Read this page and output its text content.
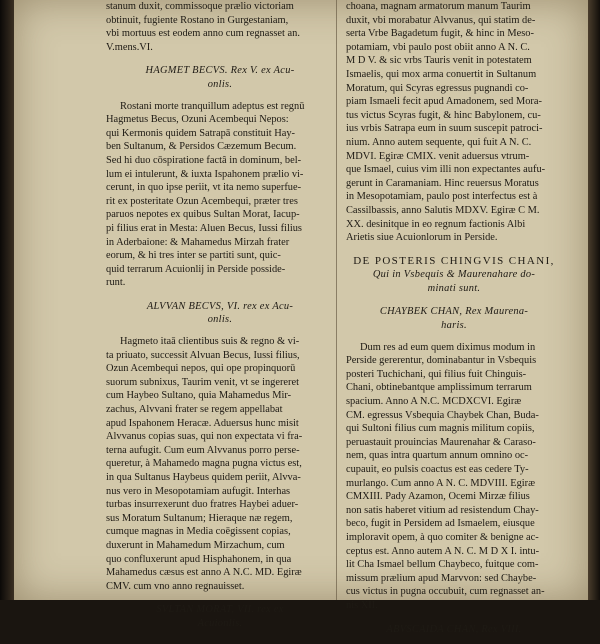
stanum duxit, commissoque prælio victoriam

obtinuit, fugiente Rostano in Gurgestaniam,

vbi mortuus est eodem anno cum regnasset an.

V.mens.VI.

HAGMET BECVS. Rex V. ex Acu-
onlis.

Rostani morte tranquillum adeptus est regnū

Hagmetus Becus, Ozuni Acembequi Nepos:

qui Kermonis quidem Satrapā constituit Hay-

ben Sultanum, & Persidos Cæzemum Becum.

Sed hi duo cōspiratione factâ in dominum, bel-

lum ei intulerunt, & iuxta Ispahonem prælio vi-

cerunt, in quo ipse periit, vt ita nemo superfue-

rit ex posteritate Ozun Acembequi, præter tres

paruos nepotes ex quibus Sultan Morat, Iacup-

pi filius erat in Mesta: Aluen Becus, Iussi filius

in Aderbaione: & Mahamedus Mirzah frater

eorum, & hi tres inter se partiti sunt, quic-

quid terrarum Acuionlij in Perside posside-

runt.

ALVVAN BECVS, VI. rex ex Acu-
onlis.

Hagmeto itaā clientibus suis & regno & vi-

ta priuato, successit Alvuan Becus, Iussi filius,

Ozun Acembequi nepos, qui ope propinquorū

suorum subnixus, Taurim venit, vt se ingereret

cum Haybeo Sultano, quia Mahamedus Mir-

zachus, Alvvani frater se regem appellabat

apud Ispahonem Heracæ. Aduersus hunc misit

Alvvanus copias suas, qui non expectata vi fra-

terna aufugit. Cum eum Alvvanus porro perse-

queretur, à Mahamedo magna pugna victus est,

in qua Sultanus Haybeus quidem periit, Alvva-

nus vero in Mesopotamiam aufugit. Interhas

turbas insurrexerunt duo fratres Haybei aduer-

sus Moratum Sultanum; Hieraque næ regem,

cumque magnas in Media coēgissent copias,

duxerunt in Mahamedum Mirzachum, cum

quo confluxerunt apud Hisphahonem, in qua

Mahamedus cæsus est anno A N.C. MD. Egiræ

CMV. cum vno anno regnauisset.

SVLTAN MORAT, VII. rex ex
Acuionlis.

choana, magnam armatorum manum Taurim

duxit, vbi morabatur Alvvanus, qui statim de-

serta Vrbe Bagadetum fugit, & hinc in Meso-

potamiam, vbi paulo post obiit anno A N. C.

M D V. & sic vrbs Tauris venit in potestatem

Ismaelis, qui mox arma conuertit in Sultanum

Moratum, qui Scyras egressus pugnandi co-

piam Ismaeli fecit apud Amadonem, sed Mora-

tus victus Scyras fugit, & hinc Babylonem, cu-

ius vrbis Satrapa eum in suum suscepit patroci-

nium. Anno autem sequente, qui fuit A N. C.

MDVI. Egiræ CMIX. venit aduersus vtrum-

que Ismael, cuius vim illi non expectantes aufu-

gerunt in Caramaniam. Hinc reuersus Moratus

in Mesopotamiam, paulo post interfectus est à

Cassilbassis, anno Salutis MDXV. Egiræ C M.

XX. desinitque in eo regnum factionis Albi

Arietis siue Acuionlorum in Perside.

DE POSTERIS CHINGVIS CHANI,
Qui in Vsbequis & Maurenahare do-
minati sunt.
CHAYBEK CHAN, Rex Maurena-
haris.

Dum res ad eum quem diximus modum in

Perside gererentur, dominabantur in Vsbequis

posteri Tuchichani, qui filius fuit Chinguis-

Chani, obtinebantque amplissimum terrarum

spacium. Anno A N.C. MCDXCVI. Egiræ

CM. egressus Vsbequia Chaybek Chan, Buda-

qui Sultoni filius cum magnis militum copiis,

peruastauit prouincias Maurenahar & Caraso-

nem, quas intra quartum annum omnino oc-

cupauit, eo pulsis coactus est eas cedere Ty-

murlango. Cum anno A N. C. MDVIII. Egiræ

CMXIII. Pady Azamon, Ocemi Mirzæ filius

non satis haberet vitium ad resistendum Chay-

beco, fugit in Persidem ad Ismaelem, eiusque

imploravit opem, à quo comiter & benigne ac-

ceptus est. Anno autem A N. C. M D X I. intu-

lit Cha Ismael bellum Chaybeco, fuitque com-

missum prælium apud Marvvon: sed Chaybe-

cus victus in pugna occubuit, cum regnasset an-

nis XII.

ABVSCAIDA CHAN, Rex VIII.
